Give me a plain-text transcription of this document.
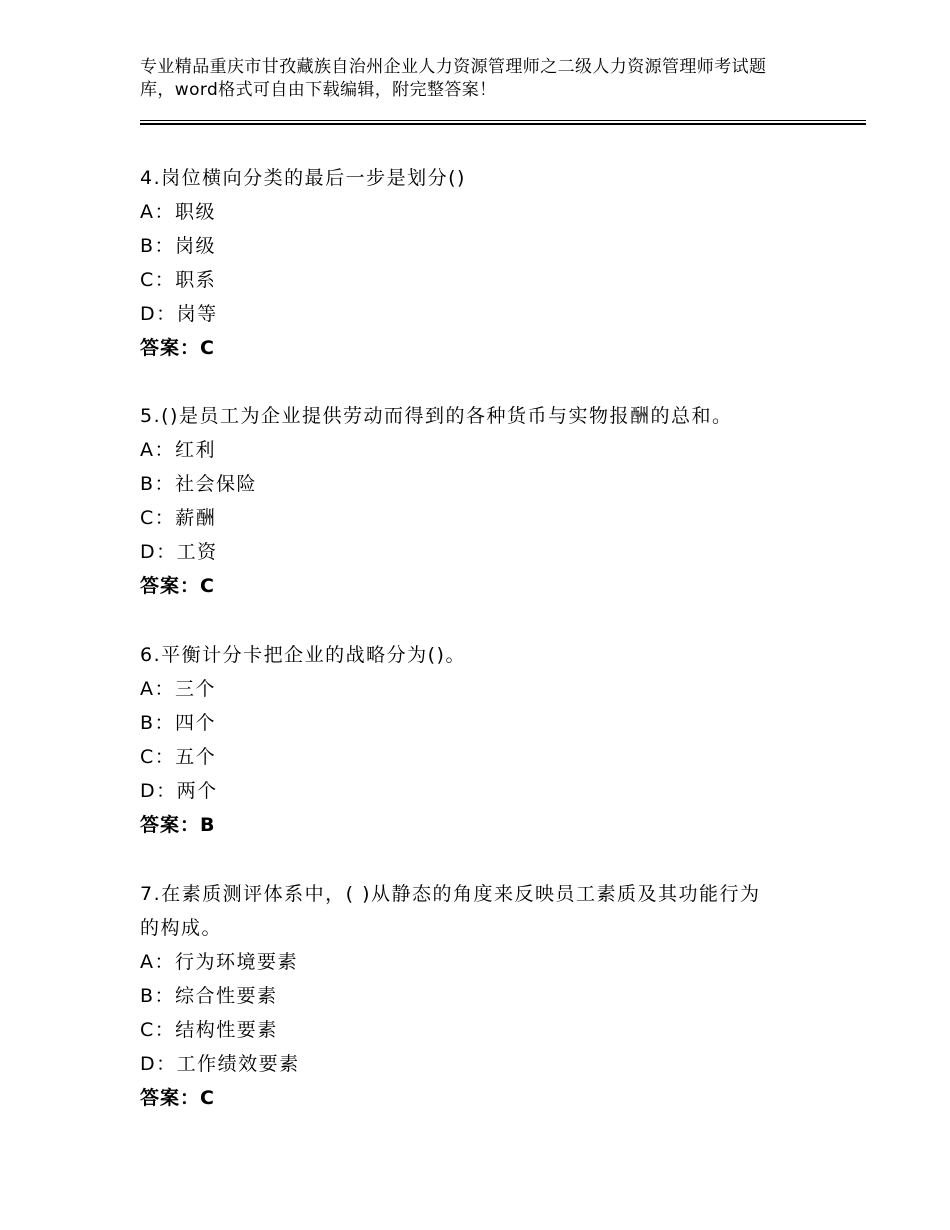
专业精品重庆市甘孜藏族自治州企业人力资源管理师之二级人力资源管理师考试题
库，word格式可自由下载编辑，附完整答案！
4.岗位横向分类的最后一步是划分()
A：职级
B：岗级
C：职系
D：岗等
答案：C
5.()是员工为企业提供劳动而得到的各种货币与实物报酬的总和。
A：红利
B：社会保险
C：薪酬
D：工资
答案：C
6.平衡计分卡把企业的战略分为()。
A：三个
B：四个
C：五个
D：两个
答案：B
7.在素质测评体系中，( )从静态的角度来反映员工素质及其功能行为
的构成。
A：行为环境要素
B：综合性要素
C：结构性要素
D：工作绩效要素
答案：C
